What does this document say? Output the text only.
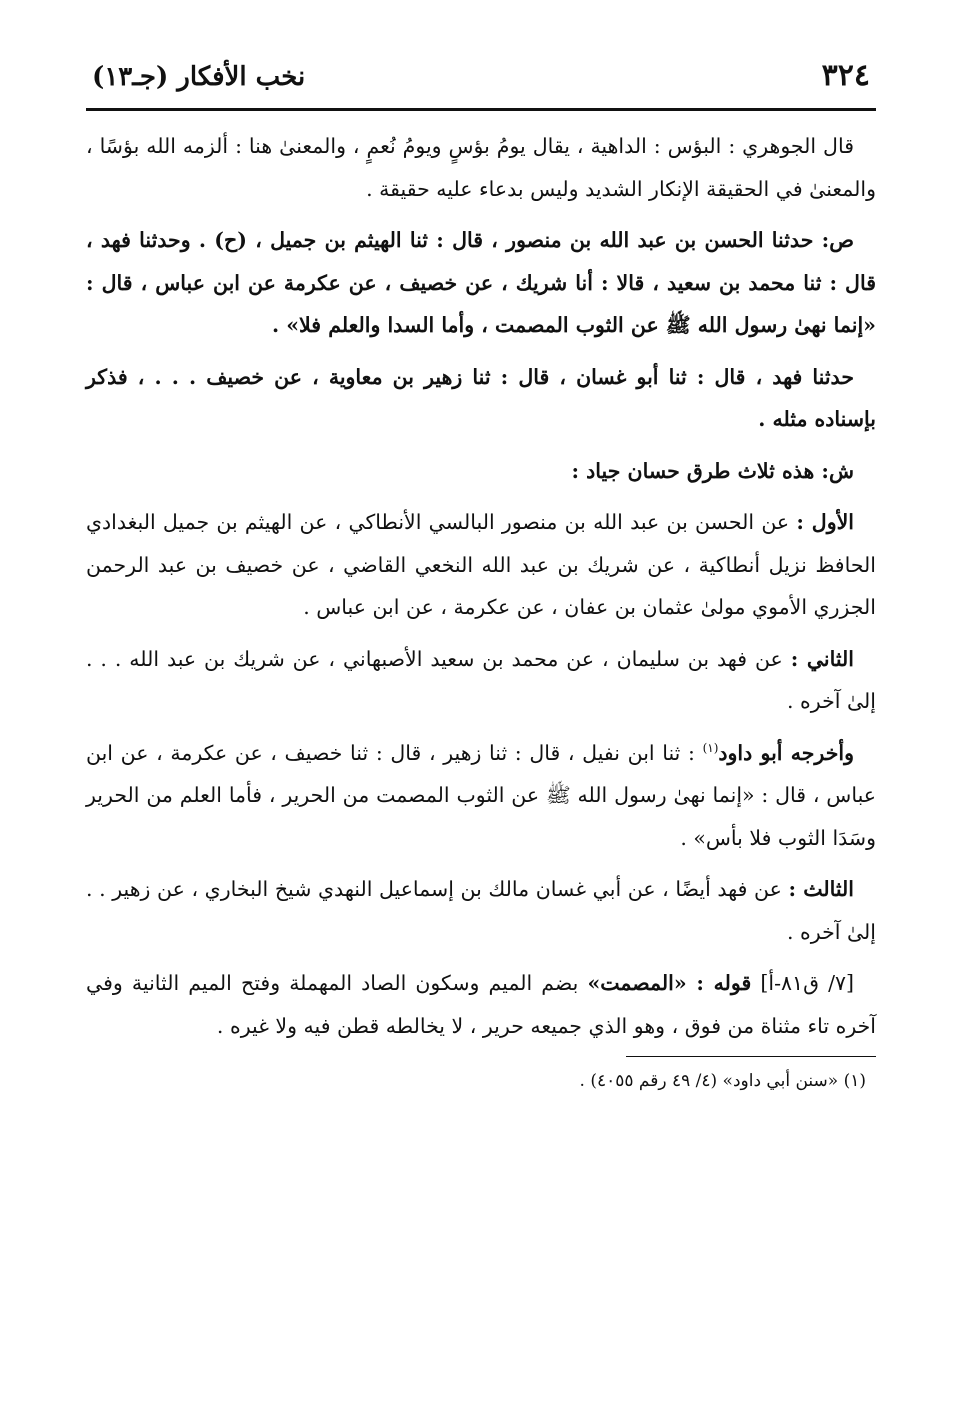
٣٢٤
نخب الأفكار (جـ١٣)

قال الجوهري : البؤس : الداهية ، يقال يومُ بؤسٍ ويومُ نُعمٍ ، والمعنىٰ هنا : ألزمه الله بؤسًا ، والمعنىٰ في الحقيقة الإنكار الشديد وليس بدعاء عليه حقيقة .

ص: حدثنا الحسن بن عبد الله بن منصور ، قال : ثنا الهيثم بن جميل ، (ح) . وحدثنا فهد ، قال : ثنا محمد بن سعيد ، قالا : أنا شريك ، عن خصيف ، عن عكرمة عن ابن عباس ، قال : «إنما نهىٰ رسول الله ﷺ عن الثوب المصمت ، وأما السدا والعلم فلا» .

حدثنا فهد ، قال : ثنا أبو غسان ، قال : ثنا زهير بن معاوية ، عن خصيف . . . ، فذكر بإسناده مثله .

ش: هذه ثلاث طرق حسان جياد :

الأول : عن الحسن بن عبد الله بن منصور البالسي الأنطاكي ، عن الهيثم بن جميل البغدادي الحافظ نزيل أنطاكية ، عن شريك بن عبد الله النخعي القاضي ، عن خصيف بن عبد الرحمن الجزري الأموي مولىٰ عثمان بن عفان ، عن عكرمة ، عن ابن عباس .

الثاني : عن فهد بن سليمان ، عن محمد بن سعيد الأصبهاني ، عن شريك بن عبد الله . . . إلىٰ آخره .

وأخرجه أبو داود$^{(١)}$ : ثنا ابن نفيل ، قال : ثنا زهير ، قال : ثنا خصيف ، عن عكرمة ، عن ابن عباس ، قال : «إنما نهىٰ رسول الله ﷺ عن الثوب المصمت من الحرير ، فأما العلم من الحرير وسَدَا الثوب فلا بأس» .

الثالث : عن فهد أيضًا ، عن أبي غسان مالك بن إسماعيل النهدي شيخ البخاري ، عن زهير . . إلىٰ آخره .

[٧/ ق٨١-أ] قوله : «المصمت» بضم الميم وسكون الصاد المهملة وفتح الميم الثانية وفي آخره تاء مثناة من فوق ، وهو الذي جميعه حرير ، لا يخالطه قطن فيه ولا غيره .

(١) «سنن أبي داود» (٤/ ٤٩ رقم ٤٠٥٥) .
